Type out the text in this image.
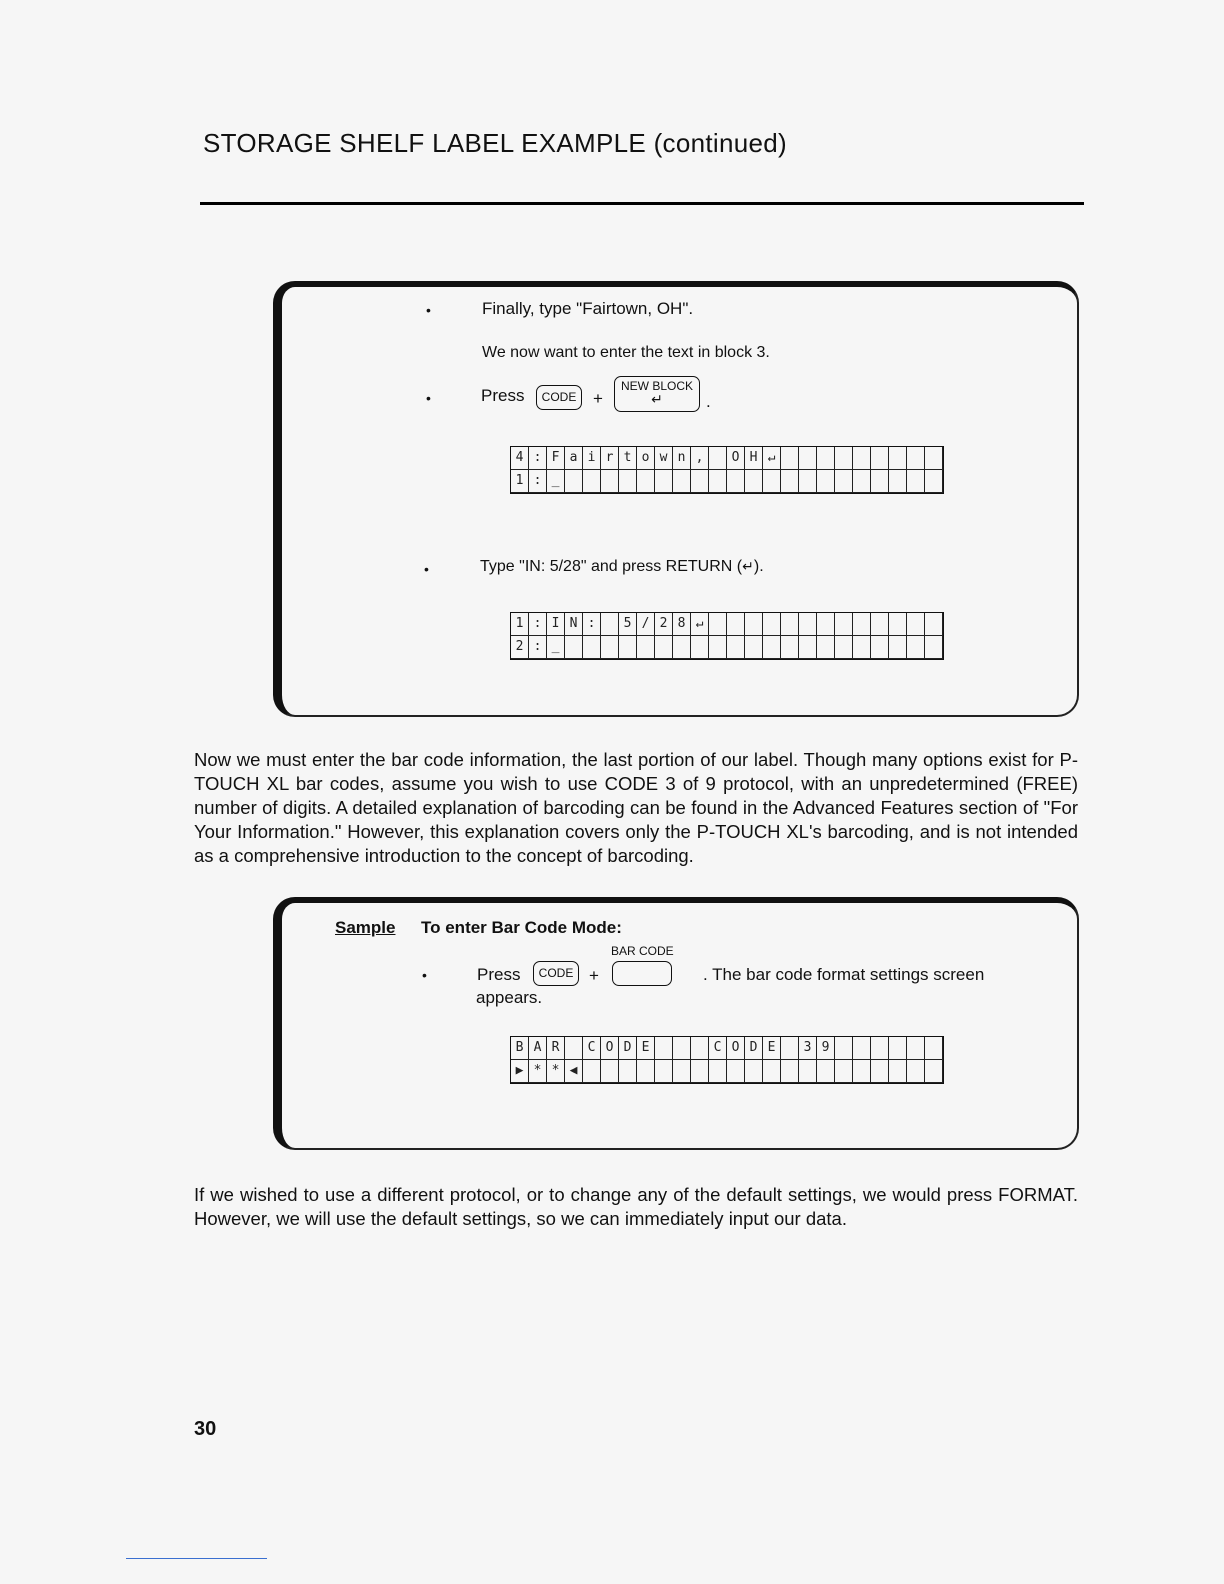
STORAGE SHELF LABEL EXAMPLE (continued)
•	Finally, type "Fairtown, OH".
We now want to enter the text in block 3.
•	Press	CODE +
NEW BLOCK
↵	.
4 : F a i r t o w n ,	O H ↵
1 : _
•	Type "IN: 5/28" and press RETURN (↵).
1 : I N :	5 / 2 8 ↵
2 : _
Now we must enter the bar code information, the last portion of our label. Though many options exist for P-TOUCH XL bar codes, assume you wish to use CODE 3 of 9 protocol, with an unpredetermined (FREE) number of digits. A detailed explanation of barcoding can be found in the Advanced Features section of "For Your Information." However, this explanation covers only the P-TOUCH XL's barcoding, and is not intended as a comprehensive introduction to the concept of barcoding.
Sample To enter Bar Code Mode:
BAR CODE
•	Press	CODE +	. The bar code format settings screen
appears.
B A R	C O D E	C O D E	3 9
▶ * * ◀
If we wished to use a different protocol, or to change any of the default settings, we would press FORMAT. However, we will use the default settings, so we can immediately input our data.
30
